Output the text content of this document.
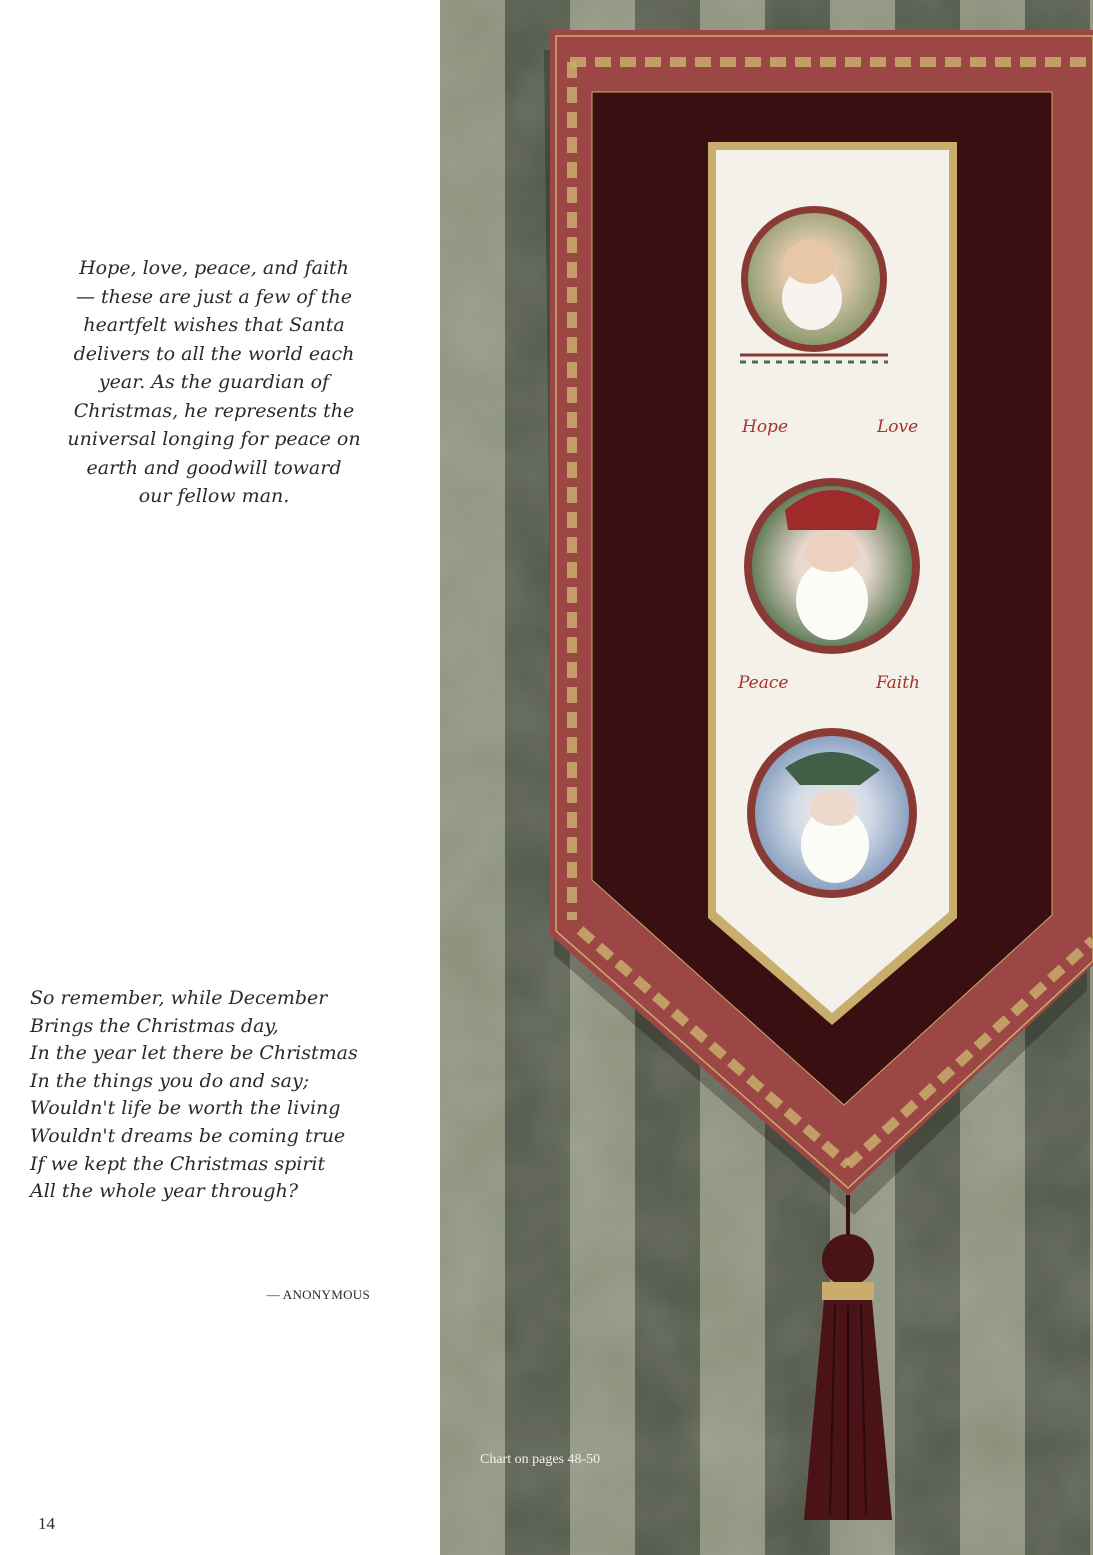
Hope, love, peace, and faith
— these are just a few of the
heartfelt wishes that Santa
delivers to all the world each
year. As the guardian of
Christmas, he represents the
universal longing for peace on
earth and goodwill toward
our fellow man.
So remember, while December
Brings the Christmas day,
In the year let there be Christmas
In the things you do and say;
Wouldn't life be worth the living
Wouldn't dreams be coming true
If we kept the Christmas spirit
All the whole year through?
— ANONYMOUS
14
Hope	Love
Peace	Faith
Chart on pages 48-50
